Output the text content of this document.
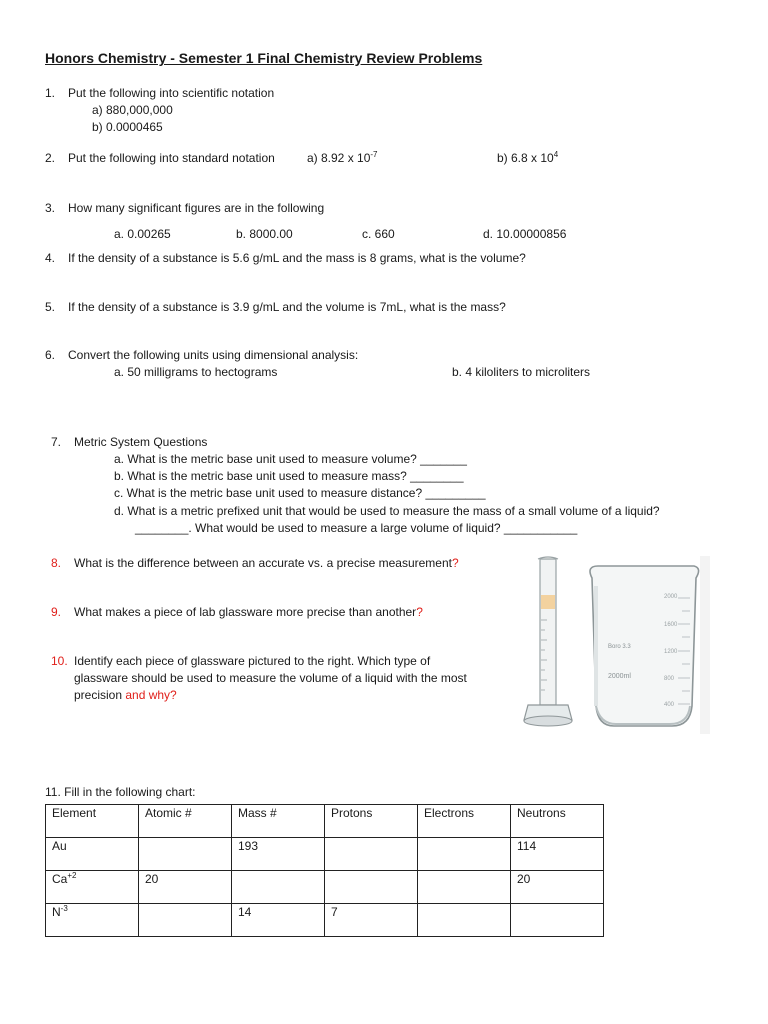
Honors Chemistry - Semester 1 Final Chemistry Review Problems
1. Put the following into scientific notation
a) 880,000,000
b) 0.0000465
2. Put the following into standard notation	a) 8.92 x $10^{-7}$	b) 6.8 x $10^4$
3. How many significant figures are in the following
a. 0.00265	b. 8000.00	c. 660	d. 10.00000856
4. If the density of a substance is 5.6 g/mL and the mass is 8 grams, what is the volume?
5. If the density of a substance is 3.9 g/mL and the volume is 7mL, what is the mass?
6. Convert the following units using dimensional analysis:
a. 50 milligrams to hectograms	b. 4 kiloliters to microliters
7. Metric System Questions
a. What is the metric base unit used to measure volume? _______
b. What is the metric base unit used to measure mass? ________
c. What is the metric base unit used to measure distance? _________
d. What is a metric prefixed unit that would be used to measure the mass of a small volume of a liquid?
________. What would be used to measure a large volume of liquid? ___________
8. What is the difference between an accurate vs. a precise measurement?
9. What makes a piece of lab glassware more precise than another?
10. Identify each piece of glassware pictured to the right. Which type of
glassware should be used to measure the volume of a liquid with the most
precision and why?
2000
1600
1200
800
400
Boro 3.3
2000ml
11. Fill in the following chart:
Element	Atomic #	Mass #	Protons	Electrons	Neutrons
Au		193			114
$Ca^{+2}$	20				20
$N^{-3}$		14	7		
